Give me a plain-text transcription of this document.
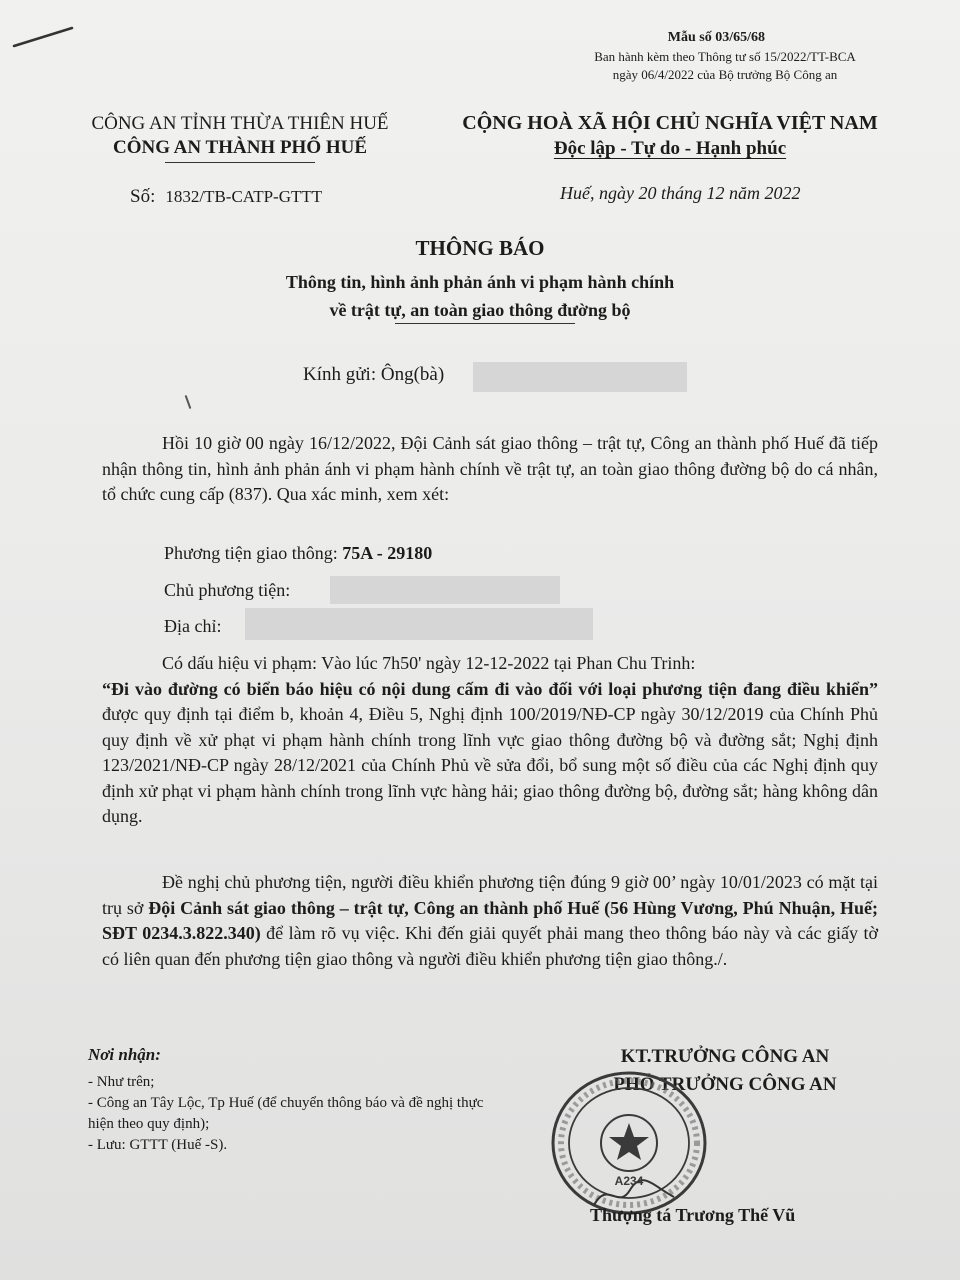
Mẫu số 03/65/68
Ban hành kèm theo Thông tư số 15/2022/TT-BCA
ngày 06/4/2022 của Bộ trưởng Bộ Công an
CÔNG AN TỈNH THỪA THIÊN HUẾ
CÔNG AN THÀNH PHỐ HUẾ
CỘNG HOÀ XÃ HỘI CHỦ NGHĨA VIỆT NAM
Độc lập - Tự do - Hạnh phúc
Số: 1832/TB-CATP-GTTT	Huế, ngày 20 tháng 12 năm 2022
THÔNG BÁO
Thông tin, hình ảnh phản ánh vi phạm hành chính
về trật tự, an toàn giao thông đường bộ
Kính gửi: Ông(bà)
Hồi 10 giờ 00 ngày 16/12/2022, Đội Cảnh sát giao thông – trật tự, Công an thành phố Huế đã tiếp nhận thông tin, hình ảnh phản ánh vi phạm hành chính về trật tự, an toàn giao thông đường bộ do cá nhân, tổ chức cung cấp (837). Qua xác minh, xem xét:
Phương tiện giao thông: 75A - 29180
Chủ phương tiện:
Địa chỉ:
Có dấu hiệu vi phạm: Vào lúc 7h50' ngày 12-12-2022 tại Phan Chu Trinh:
“Đi vào đường có biển báo hiệu có nội dung cấm đi vào đối với loại phương tiện đang điều khiển” được quy định tại điểm b, khoản 4, Điều 5, Nghị định 100/2019/NĐ-CP ngày 30/12/2019 của Chính Phủ quy định về xử phạt vi phạm hành chính trong lĩnh vực giao thông đường bộ và đường sắt; Nghị định 123/2021/NĐ-CP ngày 28/12/2021 của Chính Phủ về sửa đổi, bổ sung một số điều của các Nghị định quy định xử phạt vi phạm hành chính trong lĩnh vực hàng hải; giao thông đường bộ, đường sắt; hàng không dân dụng.
Đề nghị chủ phương tiện, người điều khiển phương tiện đúng 9 giờ 00’ ngày 10/01/2023 có mặt tại trụ sở Đội Cảnh sát giao thông – trật tự, Công an thành phố Huế (56 Hùng Vương, Phú Nhuận, Huế; SĐT 0234.3.822.340) để làm rõ vụ việc. Khi đến giải quyết phải mang theo thông báo này và các giấy tờ có liên quan đến phương tiện giao thông và người điều khiển phương tiện giao thông./.
Nơi nhận:
- Như trên;
- Công an Tây Lộc, Tp Huế (để chuyển thông báo và đề nghị thực hiện theo quy định);
- Lưu: GTTT (Huế -S).
KT.TRƯỞNG CÔNG AN
PHÓ TRƯỞNG CÔNG AN
A234
Thượng tá Trương Thế Vũ
